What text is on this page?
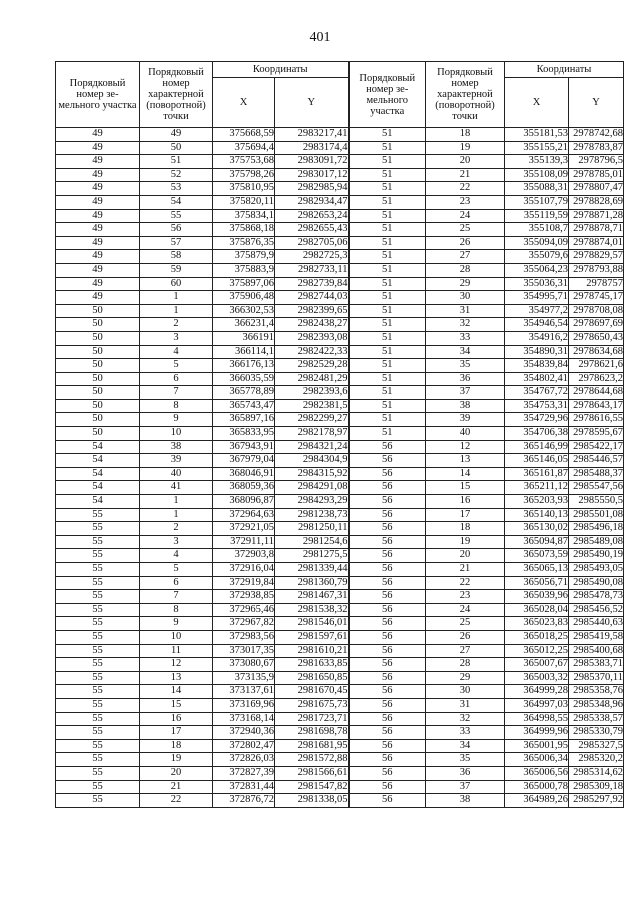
401
Порядковый номер зе-мельного участка	Порядковый номер характерной (поворотной) точки	Координаты		Порядковый номер зе-мельного участка	Порядковый номер характерной (поворотной) точки	Координаты	
		X	Y			X	Y
49	49	375668,59	2983217,41	51	18	355181,53	2978742,68
49	50	375694,4	2983174,4	51	19	355155,21	2978783,87
49	51	375753,68	2983091,72	51	20	355139,3	2978796,5
49	52	375798,26	2983017,12	51	21	355108,09	2978785,01
49	53	375810,95	2982985,94	51	22	355088,31	2978807,47
49	54	375820,11	2982934,47	51	23	355107,79	2978828,69
49	55	375834,1	2982653,24	51	24	355119,59	2978871,28
49	56	375868,18	2982655,43	51	25	355108,7	2978878,71
49	57	375876,35	2982705,06	51	26	355094,09	2978874,01
49	58	375879,9	2982725,3	51	27	355079,6	2978829,57
49	59	375883,9	2982733,11	51	28	355064,23	2978793,88
49	60	375897,06	2982739,84	51	29	355036,31	2978757
49	1	375906,48	2982744,03	51	30	354995,71	2978745,17
50	1	366302,53	2982399,65	51	31	354977,2	2978708,08
50	2	366231,4	2982438,27	51	32	354946,54	2978697,69
50	3	366191	2982393,08	51	33	354916,2	2978650,43
50	4	366114,1	2982422,33	51	34	354890,31	2978634,68
50	5	366176,13	2982529,28	51	35	354839,84	2978621,6
50	6	366035,59	2982481,29	51	36	354802,41	2978623,2
50	7	365778,89	2982393,6	51	37	354767,72	2978644,68
50	8	365743,47	2982381,5	51	38	354753,31	2978643,17
50	9	365897,16	2982299,27	51	39	354729,96	2978616,55
50	10	365833,95	2982178,97	51	40	354706,38	2978595,67
54	38	367943,91	2984321,24	56	12	365146,99	2985422,17
54	39	367979,04	2984304,9	56	13	365146,05	2985446,57
54	40	368046,91	2984315,92	56	14	365161,87	2985488,37
54	41	368059,36	2984291,08	56	15	365211,12	2985547,56
54	1	368096,87	2984293,29	56	16	365203,93	2985550,5
55	1	372964,63	2981238,73	56	17	365140,13	2985501,08
55	2	372921,05	2981250,11	56	18	365130,02	2985496,18
55	3	372911,11	2981254,6	56	19	365094,87	2985489,08
55	4	372903,8	2981275,5	56	20	365073,59	2985490,19
55	5	372916,04	2981339,44	56	21	365065,13	2985493,05
55	6	372919,84	2981360,79	56	22	365056,71	2985490,08
55	7	372938,85	2981467,31	56	23	365039,96	2985478,73
55	8	372965,46	2981538,32	56	24	365028,04	2985456,52
55	9	372967,82	2981546,01	56	25	365023,83	2985440,63
55	10	372983,56	2981597,61	56	26	365018,25	2985419,58
55	11	373017,35	2981610,21	56	27	365012,25	2985400,68
55	12	373080,67	2981633,85	56	28	365007,67	2985383,71
55	13	373135,9	2981650,85	56	29	365003,32	2985370,11
55	14	373137,61	2981670,45	56	30	364999,28	2985358,76
55	15	373169,96	2981675,73	56	31	364997,03	2985348,96
55	16	373168,14	2981723,71	56	32	364998,55	2985338,57
55	17	372940,36	2981698,78	56	33	364999,96	2985330,79
55	18	372802,47	2981681,95	56	34	365001,95	2985327,5
55	19	372826,03	2981572,88	56	35	365006,34	2985320,2
55	20	372827,39	2981566,61	56	36	365006,56	2985314,62
55	21	372831,44	2981547,82	56	37	365000,78	2985309,18
55	22	372876,72	2981338,05	56	38	364989,26	2985297,92
